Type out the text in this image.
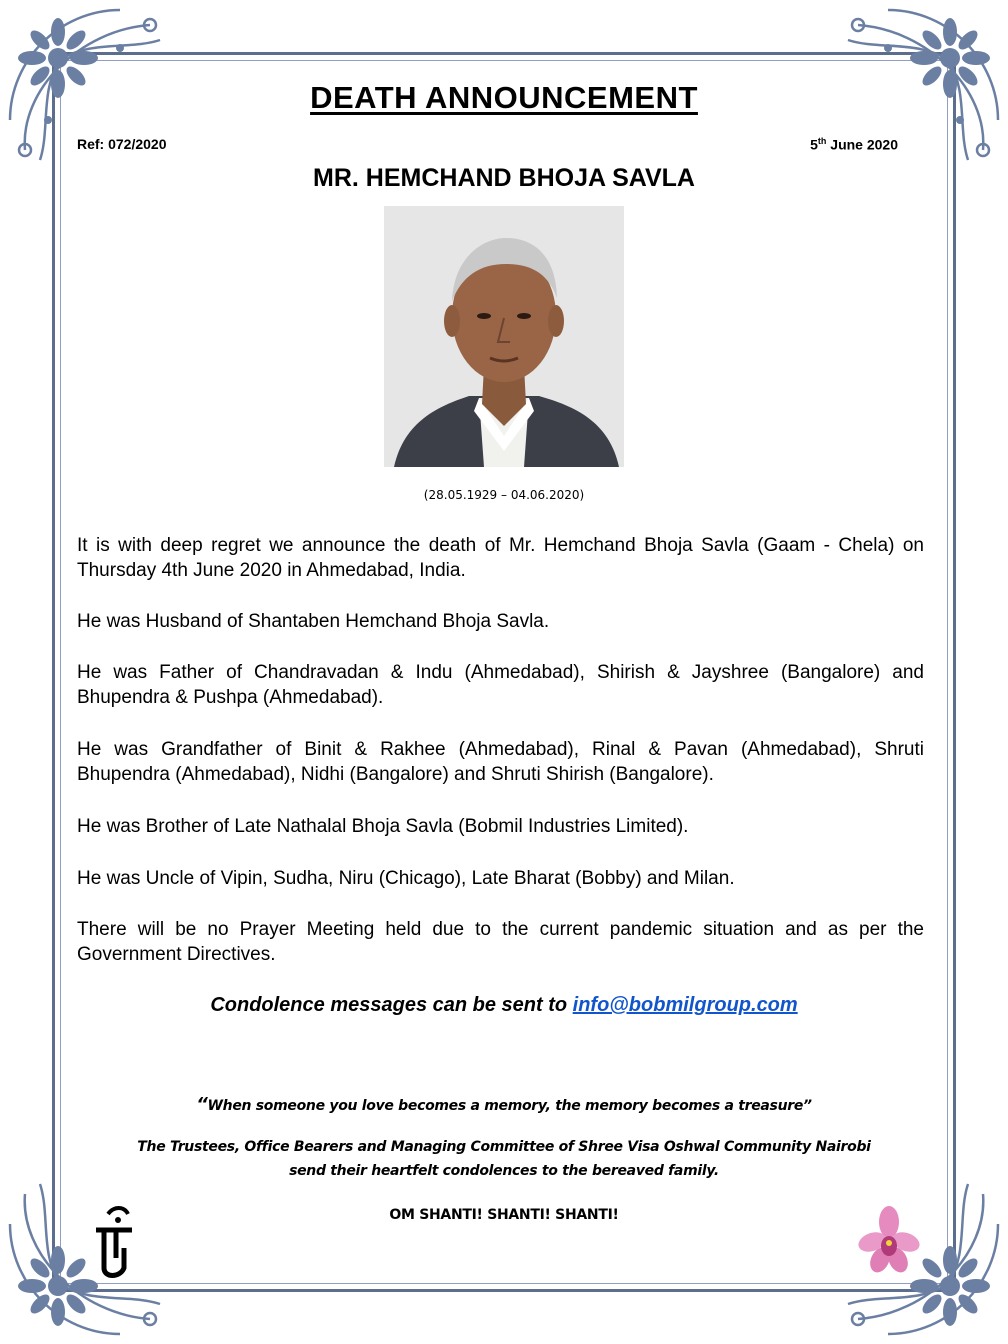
DEATH ANNOUNCEMENT
Ref: 072/2020	5th June 2020
MR. HEMCHAND BHOJA SAVLA
(28.05.1929 – 04.06.2020)
It is with deep regret we announce the death of Mr. Hemchand Bhoja Savla (Gaam - Chela) on Thursday 4th June 2020 in Ahmedabad, India.
He was Husband of Shantaben Hemchand Bhoja Savla.
He was Father of Chandravadan & Indu (Ahmedabad), Shirish & Jayshree (Bangalore) and Bhupendra & Pushpa (Ahmedabad).
He was Grandfather of Binit & Rakhee (Ahmedabad), Rinal & Pavan (Ahmedabad), Shruti Bhupendra (Ahmedabad), Nidhi (Bangalore) and Shruti Shirish (Bangalore).
He was Brother of Late Nathalal Bhoja Savla (Bobmil Industries Limited).
He was Uncle of Vipin, Sudha, Niru (Chicago), Late Bharat (Bobby) and Milan.
There will be no Prayer Meeting held due to the current pandemic situation and as per the Government Directives.
Condolence messages can be sent to info@bobmilgroup.com
“When someone you love becomes a memory, the memory becomes a treasure”
The Trustees, Office Bearers and Managing Committee of Shree Visa Oshwal Community Nairobi
send their heartfelt condolences to the bereaved family.
OM SHANTI! SHANTI! SHANTI!
